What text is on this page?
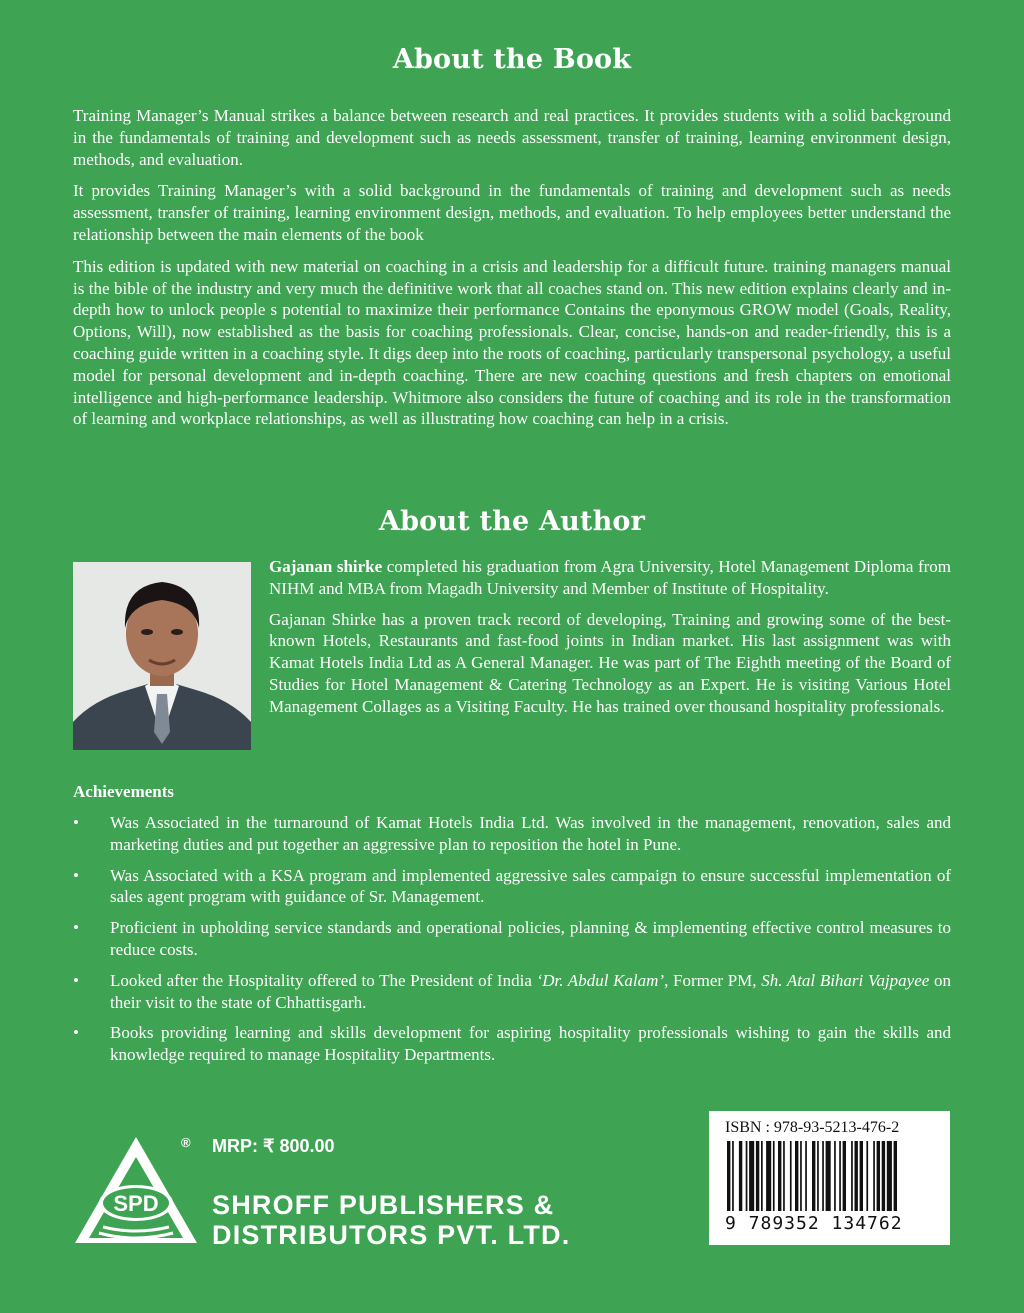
About the Book

Training Manager’s Manual strikes a balance between research and real practices. It provides students with a solid background in the fundamentals of training and development such as needs assessment, transfer of training, learning environment design, methods, and evaluation.

It provides Training Manager’s with a solid background in the fundamentals of training and development such as needs assessment, transfer of training, learning environment design, methods, and evaluation. To help employees better understand the relationship between the main elements of the book

This edition is updated with new material on coaching in a crisis and leadership for a difficult future. training managers manual is the bible of the industry and very much the definitive work that all coaches stand on. This new edition explains clearly and in-depth how to unlock people s potential to maximize their performance Contains the eponymous GROW model (Goals, Reality, Options, Will), now established as the basis for coaching professionals. Clear, concise, hands-on and reader-friendly, this is a coaching guide written in a coaching style. It digs deep into the roots of coaching, particularly transpersonal psychology, a useful model for personal development and in-depth coaching. There are new coaching questions and fresh chapters on emotional intelligence and high-performance leadership. Whitmore also considers the future of coaching and its role in the transformation of learning and workplace relationships, as well as illustrating how coaching can help in a crisis.

About the Author

Gajanan shirke completed his graduation from Agra University, Hotel Management Diploma from NIHM and MBA from Magadh University and Member of Institute of Hospitality.

Gajanan Shirke has a proven track record of developing, Training and growing some of the best-known Hotels, Restaurants and fast-food joints in Indian market. His last assignment was with Kamat Hotels India Ltd as A General Manager. He was part of The Eighth meeting of the Board of Studies for Hotel Management & Catering Technology as an Expert. He is visiting Various Hotel Management Collages as a Visiting Faculty. He has trained over thousand hospitality professionals.

Achievements
• Was Associated in the turnaround of Kamat Hotels India Ltd. Was involved in the management, renovation, sales and marketing duties and put together an aggressive plan to reposition the hotel in Pune.
• Was Associated with a KSA program and implemented aggressive sales campaign to ensure successful implementation of sales agent program with guidance of Sr. Management.
• Proficient in upholding service standards and operational policies, planning & implementing effective control measures to reduce costs.
• Looked after the Hospitality offered to The President of India ‘Dr. Abdul Kalam’, Former PM, Sh. Atal Bihari Vajpayee on their visit to the state of Chhattisgarh.
• Books providing learning and skills development for aspiring hospitality professionals wishing to gain the skills and knowledge required to manage Hospitality Departments.
SPD
® MRP: ₹ 800.00
SHROFF PUBLISHERS &
DISTRIBUTORS PVT. LTD.
ISBN : 978-93-5213-476-2
9 789352 134762
